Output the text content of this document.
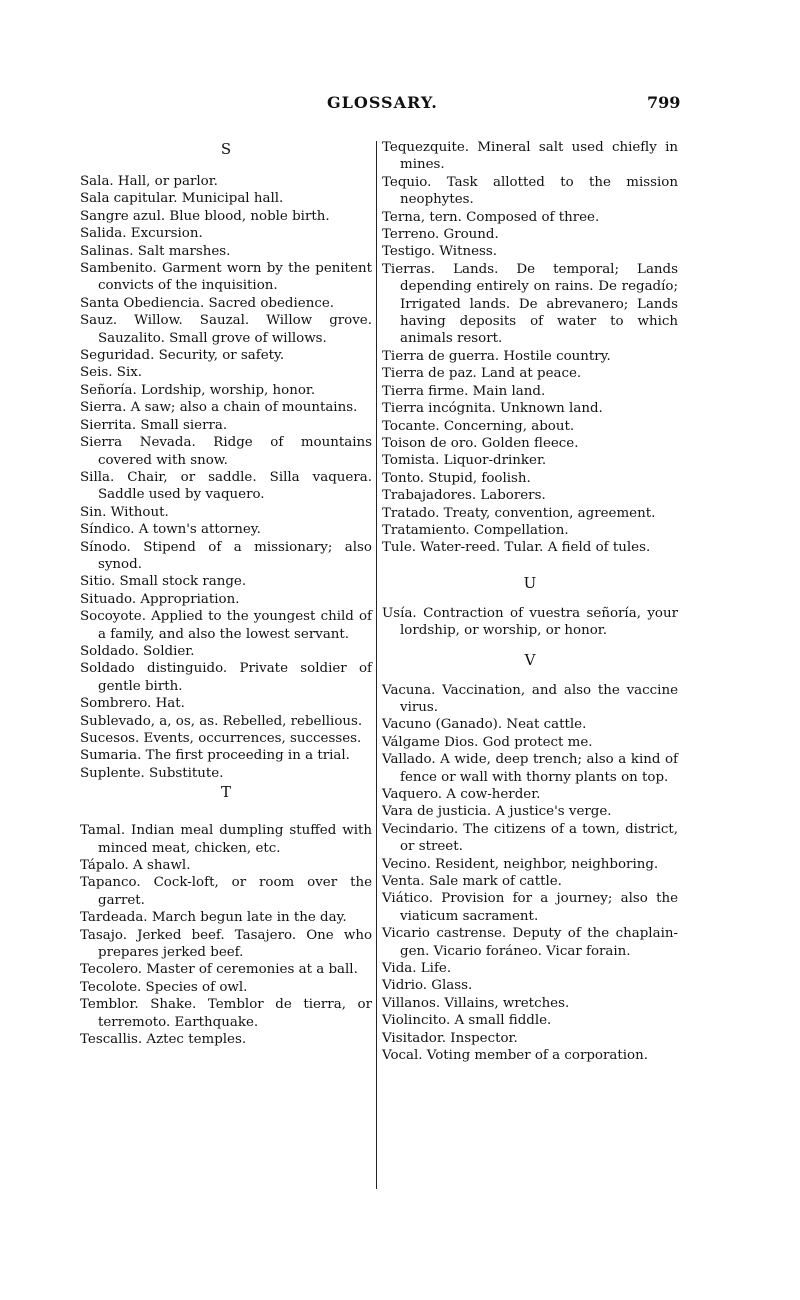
GLOSSARY.	799
S
Sala. Hall, or parlor.
Sala capitular. Municipal hall.
Sangre azul. Blue blood, noble birth.
Salida. Excursion.
Salinas. Salt marshes.
Sambenito. Garment worn by the penitent convicts of the inquisition.
Santa Obediencia. Sacred obedience.
Sauz. Willow. Sauzal. Willow grove. Sauzalito. Small grove of willows.
Seguridad. Security, or safety.
Seis. Six.
Señoría. Lordship, worship, honor.
Sierra. A saw; also a chain of mountains.
Sierrita. Small sierra.
Sierra Nevada. Ridge of mountains covered with snow.
Silla. Chair, or saddle. Silla vaquera. Saddle used by vaquero.
Sin. Without.
Síndico. A town's attorney.
Sínodo. Stipend of a missionary; also synod.
Sitio. Small stock range.
Situado. Appropriation.
Socoyote. Applied to the youngest child of a family, and also the lowest servant.
Soldado. Soldier.
Soldado distinguido. Private soldier of gentle birth.
Sombrero. Hat.
Sublevado, a, os, as. Rebelled, rebellious.
Sucesos. Events, occurrences, successes.
Sumaria. The first proceeding in a trial.
Suplente. Substitute.
T
Tamal. Indian meal dumpling stuffed with minced meat, chicken, etc.
Tápalo. A shawl.
Tapanco. Cock-loft, or room over the garret.
Tardeada. March begun late in the day.
Tasajo. Jerked beef. Tasajero. One who prepares jerked beef.
Tecolero. Master of ceremonies at a ball.
Tecolote. Species of owl.
Temblor. Shake. Temblor de tierra, or terremoto. Earthquake.
Tescallis. Aztec temples.
Tequezquite. Mineral salt used chiefly in mines.
Tequio. Task allotted to the mission neophytes.
Terna, tern. Composed of three.
Terreno. Ground.
Testigo. Witness.
Tierras. Lands. De temporal; Lands depending entirely on rains. De regadío; Irrigated lands. De abrevanero; Lands having deposits of water to which animals resort.
Tierra de guerra. Hostile country.
Tierra de paz. Land at peace.
Tierra firme. Main land.
Tierra incógnita. Unknown land.
Tocante. Concerning, about.
Toison de oro. Golden fleece.
Tomista. Liquor-drinker.
Tonto. Stupid, foolish.
Trabajadores. Laborers.
Tratado. Treaty, convention, agreement.
Tratamiento. Compellation.
Tule. Water-reed. Tular. A field of tules.
U
Usía. Contraction of vuestra señoría, your lordship, or worship, or honor.
V
Vacuna. Vaccination, and also the vaccine virus.
Vacuno (Ganado). Neat cattle.
Válgame Dios. God protect me.
Vallado. A wide, deep trench; also a kind of fence or wall with thorny plants on top.
Vaquero. A cow-herder.
Vara de justicia. A justice's verge.
Vecindario. The citizens of a town, district, or street.
Vecino. Resident, neighbor, neighboring.
Venta. Sale mark of cattle.
Viático. Provision for a journey; also the viaticum sacrament.
Vicario castrense. Deputy of the chaplain-gen. Vicario foráneo. Vicar forain.
Vida. Life.
Vidrio. Glass.
Villanos. Villains, wretches.
Violincito. A small fiddle.
Visitador. Inspector.
Vocal. Voting member of a corporation.
